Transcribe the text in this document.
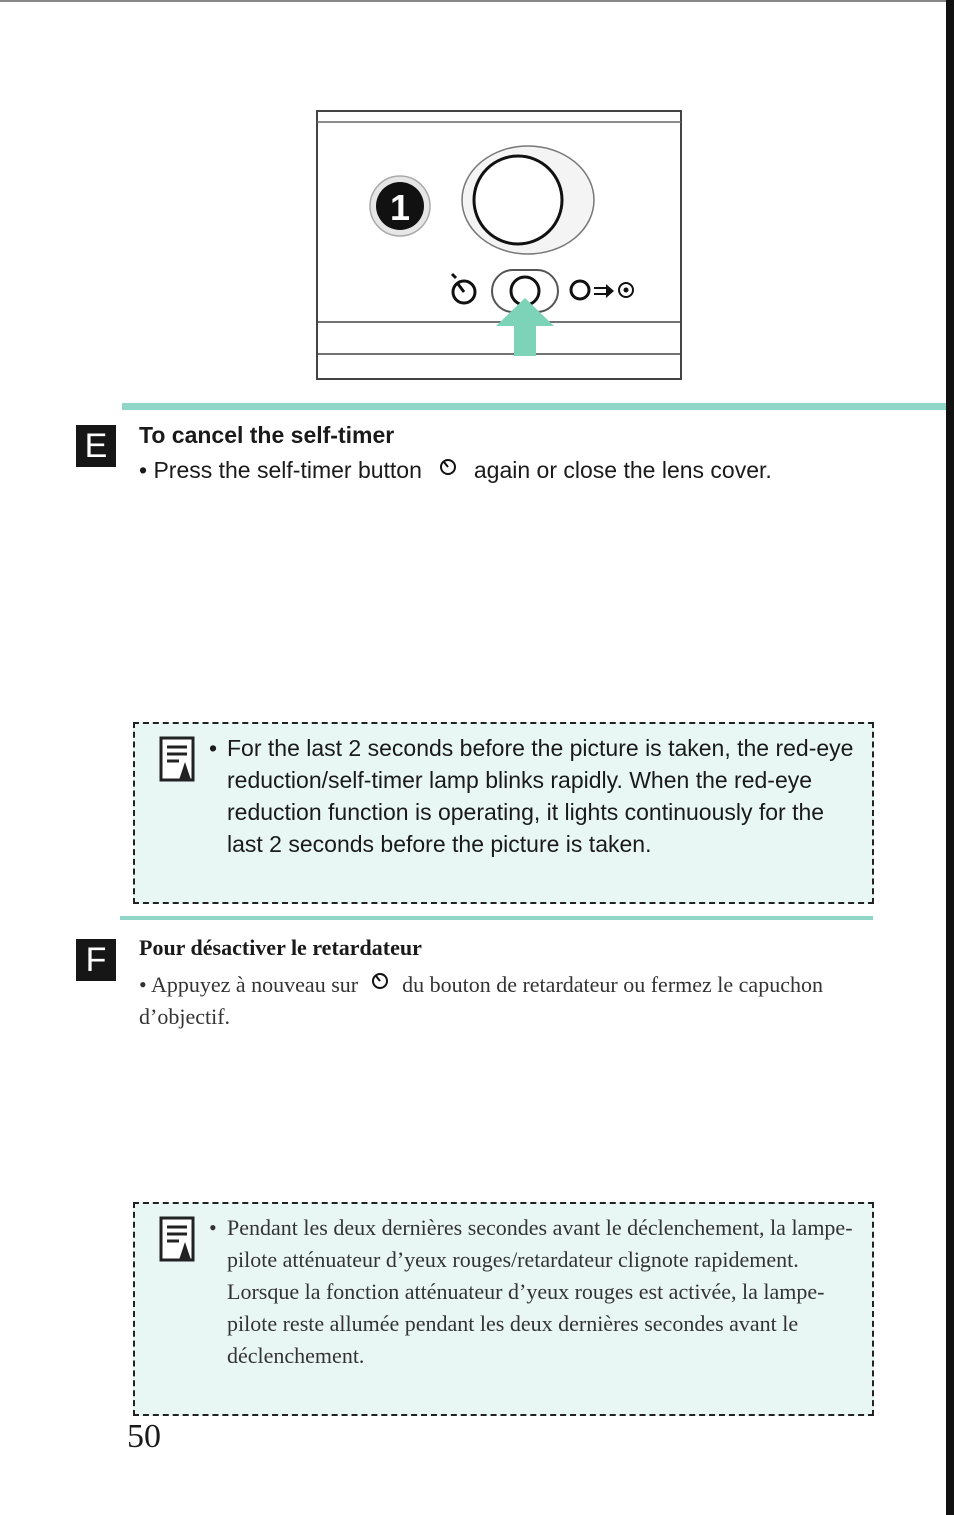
1
E	To cancel the self-timer
• Press the self-timer button again or close the lens cover.
• For the last 2 seconds before the picture is taken, the red-eye reduction/self-timer lamp blinks rapidly. When the red-eye reduction function is operating, it lights continuously for the last 2 seconds before the picture is taken.
F	Pour désactiver le retardateur
• Appuyez à nouveau sur du bouton de retardateur ou fermez le capuchon d’objectif.
• Pendant les deux dernières secondes avant le déclenchement, la lampe-pilote atténuateur d’yeux rouges/retardateur clignote rapidement. Lorsque la fonction atténuateur d’yeux rouges est activée, la lampe-pilote reste allumée pendant les deux dernières secondes avant le déclenchement.
50
